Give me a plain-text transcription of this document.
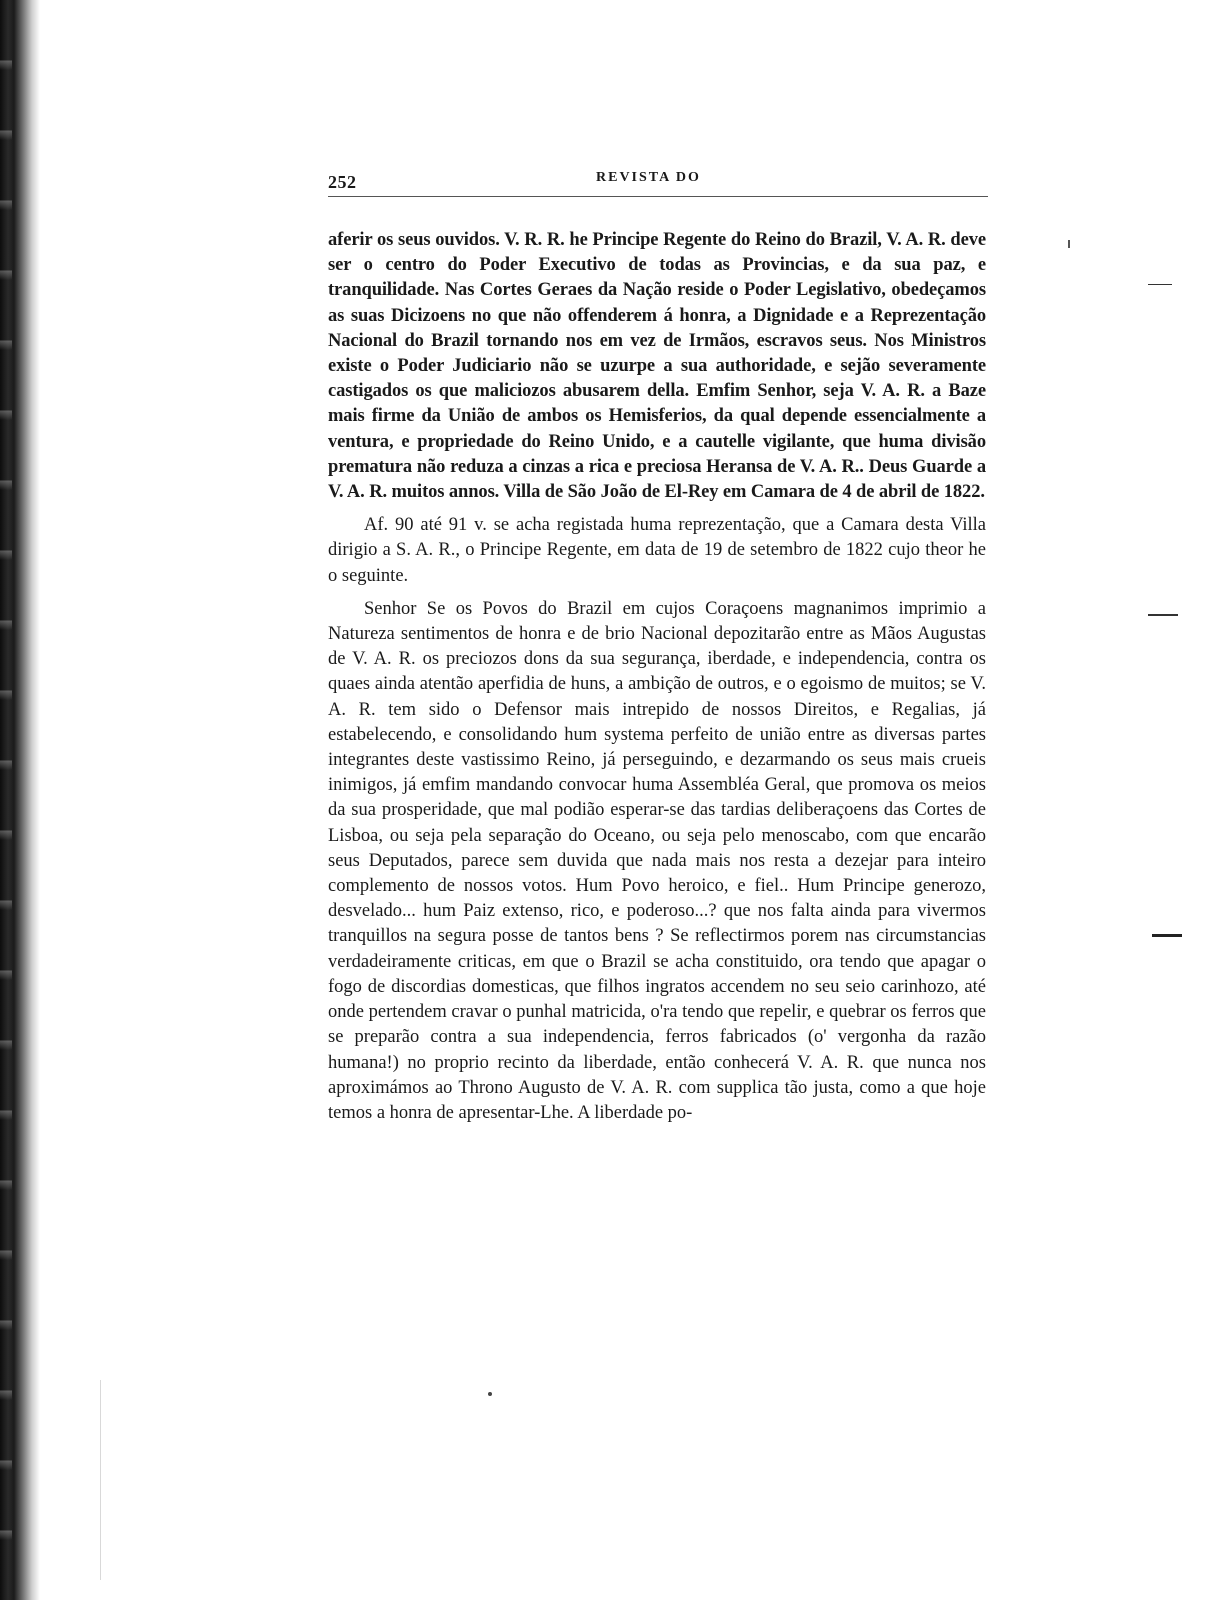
252	REVISTA DO

aferir os seus ouvidos. V. R. R. he Principe Regente do Reino do Brazil, V. A. R. deve ser o centro do Poder Executivo de todas as Provincias, e da sua paz, e tranquilidade. Nas Cortes Geraes da Nação reside o Poder Legislativo, obedeçamos as suas Dicizoens no que não offenderem á honra, a Dignidade e a Reprezentação Nacional do Brazil tornando nos em vez de Irmãos, escravos seus. Nos Ministros existe o Poder Judiciario não se uzurpe a sua authoridade, e sejão severamente castigados os que maliciozos abusarem della. Emfim Senhor, seja V. A. R. a Baze mais firme da União de ambos os Hemisferios, da qual depende essencialmente a ventura, e propriedade do Reino Unido, e a cautelle vigilante, que huma divisão prematura não reduza a cinzas a rica e preciosa Heransa de V. A. R.. Deus Guarde a V. A. R. muitos annos. Villa de São João de El-Rey em Camara de 4 de abril de 1822.

Af. 90 até 91 v. se acha registada huma reprezentação, que a Camara desta Villa dirigio a S. A. R., o Principe Regente, em data de 19 de setembro de 1822 cujo theor he o seguinte.

Senhor Se os Povos do Brazil em cujos Coraçoens magnanimos imprimio a Natureza sentimentos de honra e de brio Nacional depozitarão entre as Mãos Augustas de V. A. R. os preciozos dons da sua segurança, iberdade, e independencia, contra os quaes ainda atentão aperfidia de huns, a ambição de outros, e o egoismo de muitos; se V. A. R. tem sido o Defensor mais intrepido de nossos Direitos, e Regalias, já estabelecendo, e consolidando hum systema perfeito de união entre as diversas partes integrantes deste vastissimo Reino, já perseguindo, e dezarmando os seus mais crueis inimigos, já emfim mandando convocar huma Assembléa Geral, que promova os meios da sua prosperidade, que mal podião esperar-se das tardias deliberaçoens das Cortes de Lisboa, ou seja pela separação do Oceano, ou seja pelo menoscabo, com que encarão seus Deputados, parece sem duvida que nada mais nos resta a dezejar para inteiro complemento de nossos votos. Hum Povo heroico, e fiel.. Hum Principe generozo, desvelado... hum Paiz extenso, rico, e poderoso...? que nos falta ainda para vivermos tranquillos na segura posse de tantos bens ? Se reflectirmos porem nas circumstancias verdadeiramente criticas, em que o Brazil se acha constituido, ora tendo que apagar o fogo de discordias domesticas, que filhos ingratos accendem no seu seio carinhozo, até onde pertendem cravar o punhal matricida, o'ra tendo que repelir, e quebrar os ferros que se preparão contra a sua independencia, ferros fabricados (o' vergonha da razão humana!) no proprio recinto da liberdade, então conhecerá V. A. R. que nunca nos aproximámos ao Throno Augusto de V. A. R. com supplica tão justa, como a que hoje temos a honra de apresentar-Lhe. A liberdade po-
